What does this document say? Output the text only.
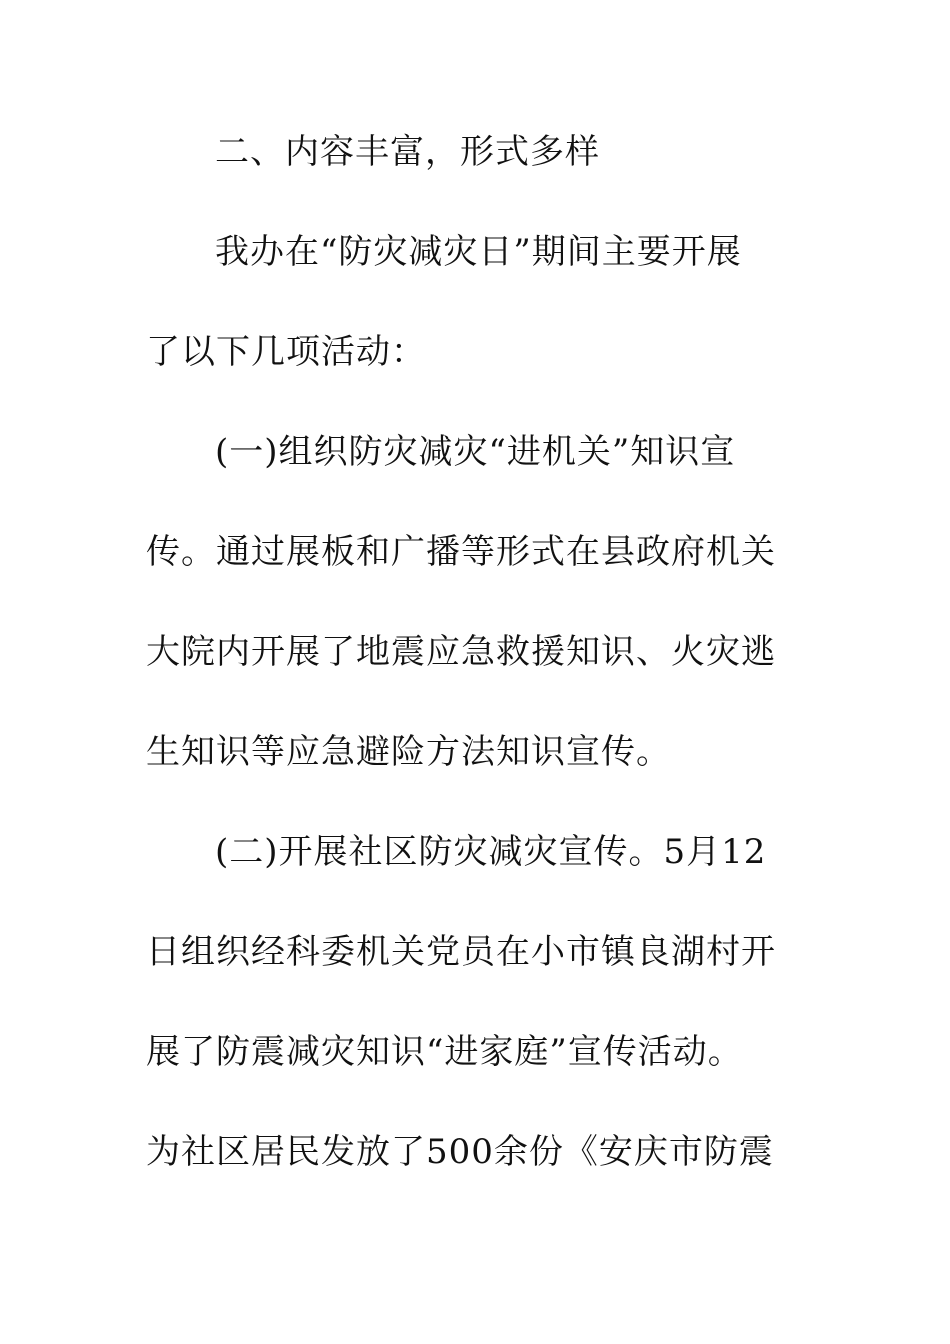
二、内容丰富，形式多样
我办在“防灾减灾日”期间主要开展
了以下几项活动：
(一)组织防灾减灾“进机关”知识宣
传。通过展板和广播等形式在县政府机关
大院内开展了地震应急救援知识、火灾逃
生知识等应急避险方法知识宣传。
(二)开展社区防灾减灾宣传。5月12
日组织经科委机关党员在小市镇良湖村开
展了防震减灾知识“进家庭”宣传活动。
为社区居民发放了500余份《安庆市防震
